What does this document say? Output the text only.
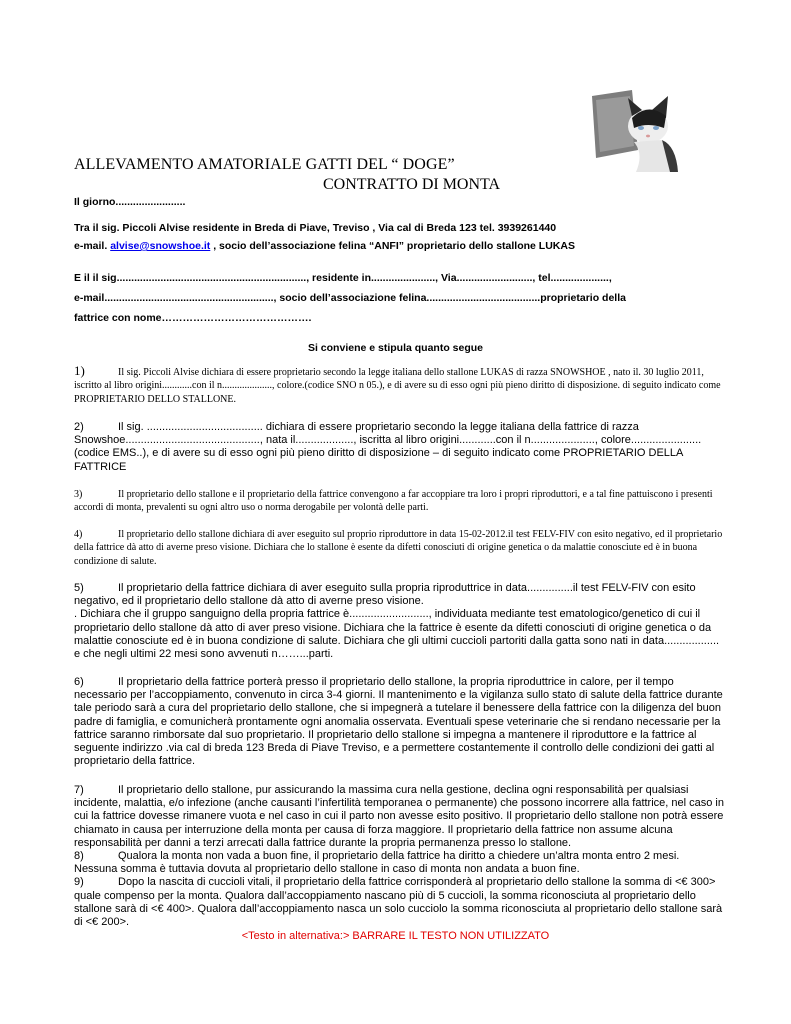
ALLEVAMENTO AMATORIALE GATTI DEL “ DOGE”
CONTRATTO DI MONTA
Il giorno........................
Tra il sig. Piccoli Alvise residente in Breda di Piave, Treviso , Via cal di Breda 123 tel. 3939261440
e-mail. alvise@snowshoe.it , socio dell’associazione felina “ANFI” proprietario dello stallone LUKAS
E il il sig................................................................., residente in......................, Via.........................., tel....................,
e-mail.........................................................., socio dell’associazione felina.......................................proprietario della
fattrice con nome…………………………………….
Si conviene e stipula quanto segue
1)	Il sig. Piccoli Alvise dichiara di essere proprietario secondo la legge italiana dello stallone LUKAS di razza SNOWSHOE , nato il. 30 luglio 2011, iscritto al libro origini............con il n...................., colore.(codice SNO n 05.), e di avere su di esso ogni più pieno diritto di disposizione. di seguito indicato come PROPRIETARIO DELLO STALLONE.
2)	Il sig. ...................................... dichiara di essere proprietario secondo la legge italiana della fattrice di razza Snowshoe............................................, nata il..................., iscritta al libro origini............con il n....................., colore.......................(codice EMS..), e di avere su di esso ogni più pieno diritto di disposizione – di seguito indicato come PROPRIETARIO DELLA FATTRICE
3)	Il proprietario dello stallone e il proprietario della fattrice convengono a far accoppiare tra loro i propri riproduttori, e a tal fine pattuiscono i presenti accordi di monta, prevalenti su ogni altro uso o norma derogabile per volontà delle parti.
4)	Il proprietario dello stallone dichiara di aver eseguito sul proprio riproduttore in data 15-02-2012.il test FELV-FIV con esito negativo, ed il proprietario della fattrice dà atto di averne preso visione. Dichiara che lo stallone è esente da difetti conosciuti di origine genetica o da malattie conosciute ed è in buona condizione di salute.
5)	Il proprietario della fattrice dichiara di aver eseguito sulla propria riproduttrice in data...............il test FELV-FIV con esito negativo, ed il proprietario dello stallone dà atto di averne preso visione.
. Dichiara che il gruppo sanguigno della propria fattrice è.........................., individuata mediante test ematologico/genetico di cui il proprietario dello stallone dà atto di aver preso visione. Dichiara che la fattrice è esente da difetti conosciuti di origine genetica o da malattie conosciute ed è in buona condizione di salute. Dichiara che gli ultimi cuccioli partoriti dalla gatta sono nati in data.................. e che negli ultimi 22 mesi sono avvenuti n……...parti.
6)	Il proprietario della fattrice porterà presso il proprietario dello stallone, la propria riproduttrice in calore, per il tempo necessario per l’accoppiamento, convenuto in circa 3-4 giorni. Il mantenimento e la vigilanza sullo stato di salute della fattrice durante tale periodo sarà a cura del proprietario dello stallone, che si impegnerà a tutelare il benessere della fattrice con la diligenza del buon padre di famiglia, e comunicherà prontamente ogni anomalia osservata. Eventuali spese veterinarie che si rendano necessarie per la fattrice saranno rimborsate dal suo proprietario. Il proprietario dello stallone si impegna a mantenere il riproduttore e la fattrice al seguente indirizzo .via cal di breda 123 Breda di Piave Treviso, e a permettere costantemente il controllo delle condizioni dei gatti al proprietario della fattrice.
7)	Il proprietario dello stallone, pur assicurando la massima cura nella gestione, declina ogni responsabilità per qualsiasi incidente, malattia, e/o infezione (anche causanti l’infertilità temporanea o permanente) che possono incorrere alla fattrice, nel caso in cui la fattrice dovesse rimanere vuota e nel caso in cui il parto non avesse esito positivo. Il proprietario dello stallone non potrà essere chiamato in causa per interruzione della monta per causa di forza maggiore. Il proprietario della fattrice non assume alcuna responsabilità per danni a terzi arrecati dalla fattrice durante la propria permanenza presso lo stallone.
8)	Qualora la monta non vada a buon fine, il proprietario della fattrice ha diritto a chiedere un’altra monta entro 2 mesi. Nessuna somma è tuttavia dovuta al proprietario dello stallone in caso di monta non andata a buon fine.
9)	Dopo la nascita di cuccioli vitali, il proprietario della fattrice corrisponderà al proprietario dello stallone la somma di <€ 300> quale compenso per la monta. Qualora dall’accoppiamento nascano più di 5 cuccioli, la somma riconosciuta al proprietario dello stallone sarà di <€ 400>. Qualora dall’accoppiamento nasca un solo cucciolo la somma riconosciuta al proprietario dello stallone sarà di <€ 200>.
<Testo in alternativa:> BARRARE IL TESTO NON UTILIZZATO
